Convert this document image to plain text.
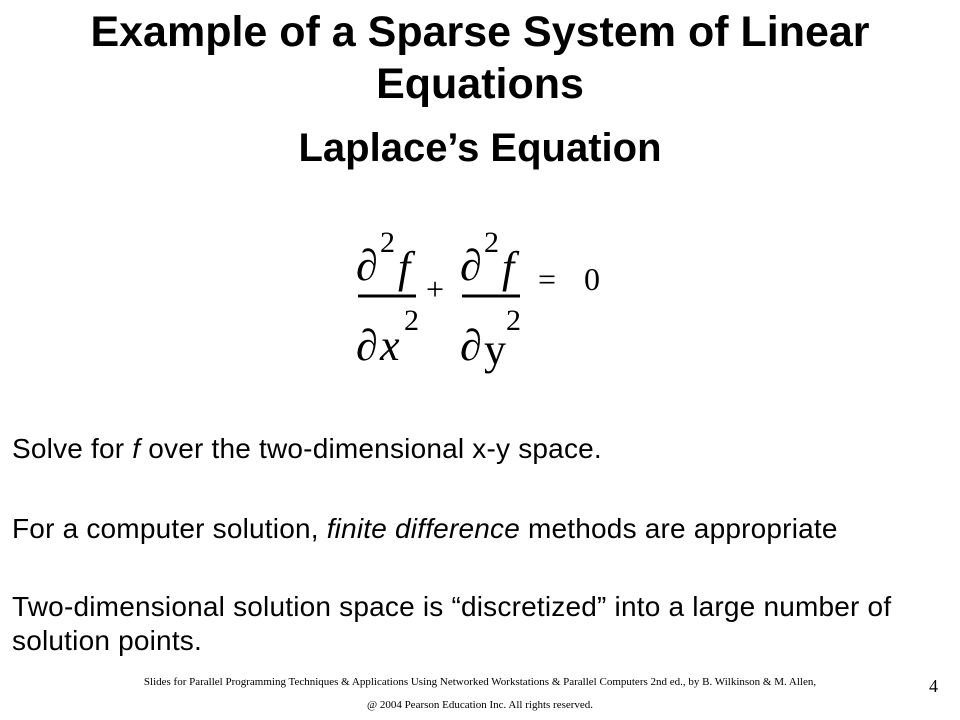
Example of a Sparse System of Linear Equations
Laplace’s Equation
∂ 2
f
∂ x
2
+ ∂ 2
f
∂ y
2
= 0
Solve for f over the two-dimensional x-y space.
For a computer solution, finite difference methods are appropriate
Two-dimensional solution space is “discretized” into a large number of solution points.
Slides for Parallel Programming Techniques & Applications Using Networked Workstations & Parallel Computers 2nd ed., by B. Wilkinson & M. Allen,
@ 2004 Pearson Education Inc. All rights reserved.
4
